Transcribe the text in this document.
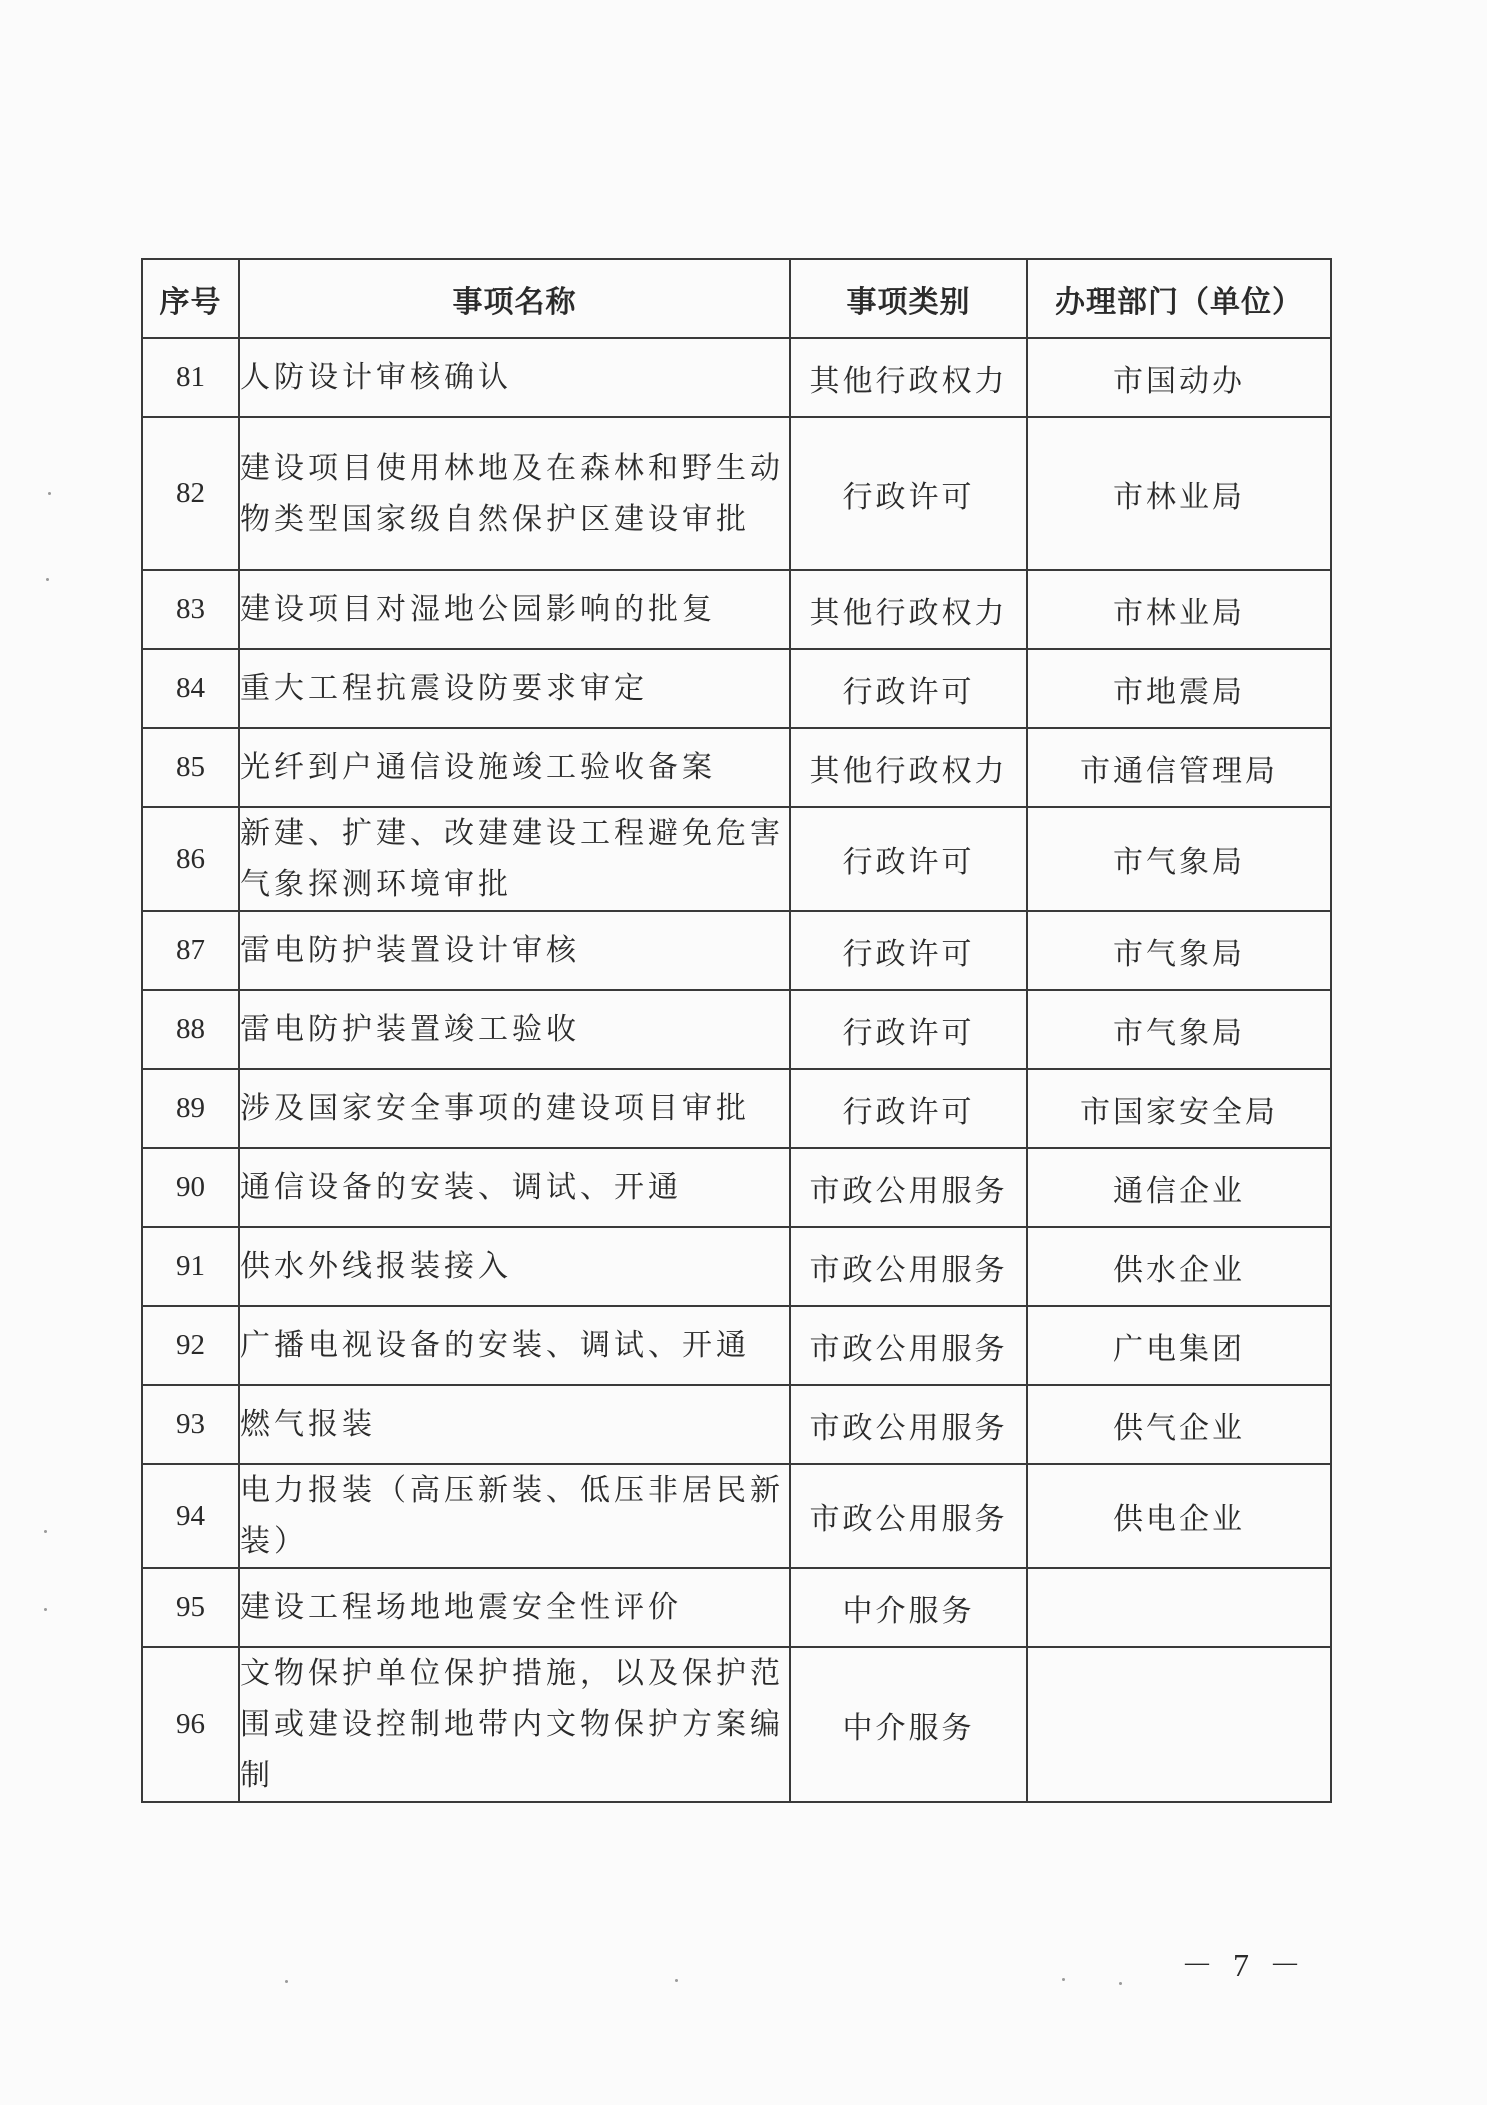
序号	事项名称	事项类别	办理部门（单位）
81	人防设计审核确认	其他行政权力	市国动办
82	建设项目使用林地及在森林和野生动物类型国家级自然保护区建设审批	行政许可	市林业局
83	建设项目对湿地公园影响的批复	其他行政权力	市林业局
84	重大工程抗震设防要求审定	行政许可	市地震局
85	光纤到户通信设施竣工验收备案	其他行政权力	市通信管理局
86	新建、扩建、改建建设工程避免危害气象探测环境审批	行政许可	市气象局
87	雷电防护装置设计审核	行政许可	市气象局
88	雷电防护装置竣工验收	行政许可	市气象局
89	涉及国家安全事项的建设项目审批	行政许可	市国家安全局
90	通信设备的安装、调试、开通	市政公用服务	通信企业
91	供水外线报装接入	市政公用服务	供水企业
92	广播电视设备的安装、调试、开通	市政公用服务	广电集团
93	燃气报装	市政公用服务	供气企业
94	电力报装（高压新装、低压非居民新装）	市政公用服务	供电企业
95	建设工程场地地震安全性评价	中介服务	
96	文物保护单位保护措施，以及保护范围或建设控制地带内文物保护方案编制	中介服务	
－ 7 －
